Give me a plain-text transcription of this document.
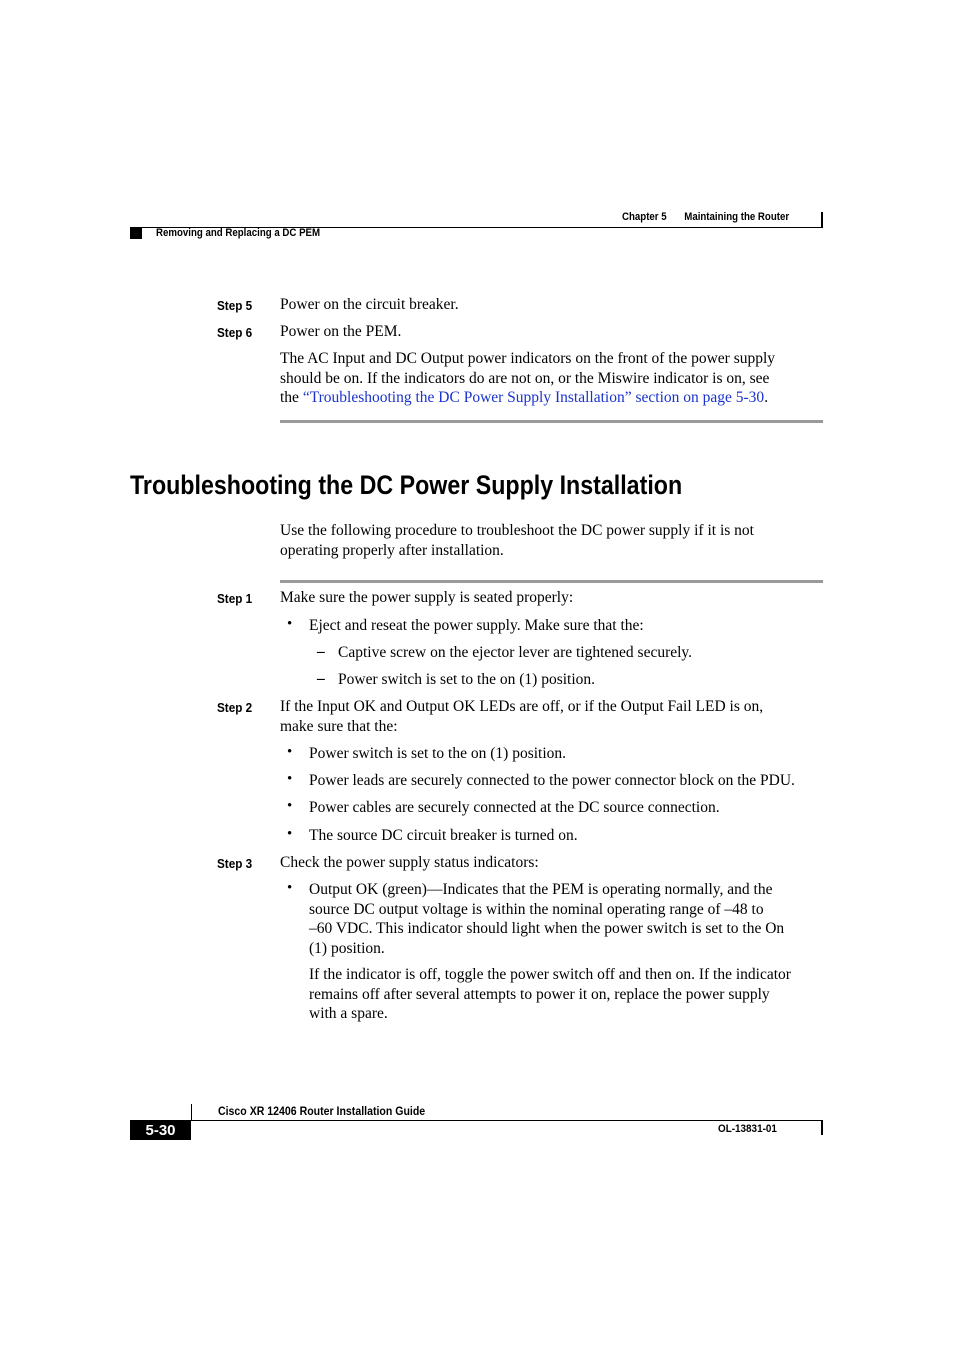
Chapter 5 Maintaining the Router
Removing and Replacing a DC PEM
Step 5 Power on the circuit breaker.
Step 6 Power on the PEM.
The AC Input and DC Output power indicators on the front of the power supply
should be on. If the indicators do are not on, or the Miswire indicator is on, see
the “Troubleshooting the DC Power Supply Installation” section on page 5-30.
Troubleshooting the DC Power Supply Installation
Use the following procedure to troubleshoot the DC power supply if it is not
operating properly after installation.
Step 1 Make sure the power supply is seated properly:
• Eject and reseat the power supply. Make sure that the:
– Captive screw on the ejector lever are tightened securely.
– Power switch is set to the on (1) position.
Step 2 If the Input OK and Output OK LEDs are off, or if the Output Fail LED is on,
make sure that the:
• Power switch is set to the on (1) position.
• Power leads are securely connected to the power connector block on the PDU.
• Power cables are securely connected at the DC source connection.
• The source DC circuit breaker is turned on.
Step 3 Check the power supply status indicators:
• Output OK (green)—Indicates that the PEM is operating normally, and the
source DC output voltage is within the nominal operating range of –48 to
–60 VDC. This indicator should light when the power switch is set to the On
(1) position.
If the indicator is off, toggle the power switch off and then on. If the indicator
remains off after several attempts to power it on, replace the power supply
with a spare.
Cisco XR 12406 Router Installation Guide
5-30	OL-13831-01
